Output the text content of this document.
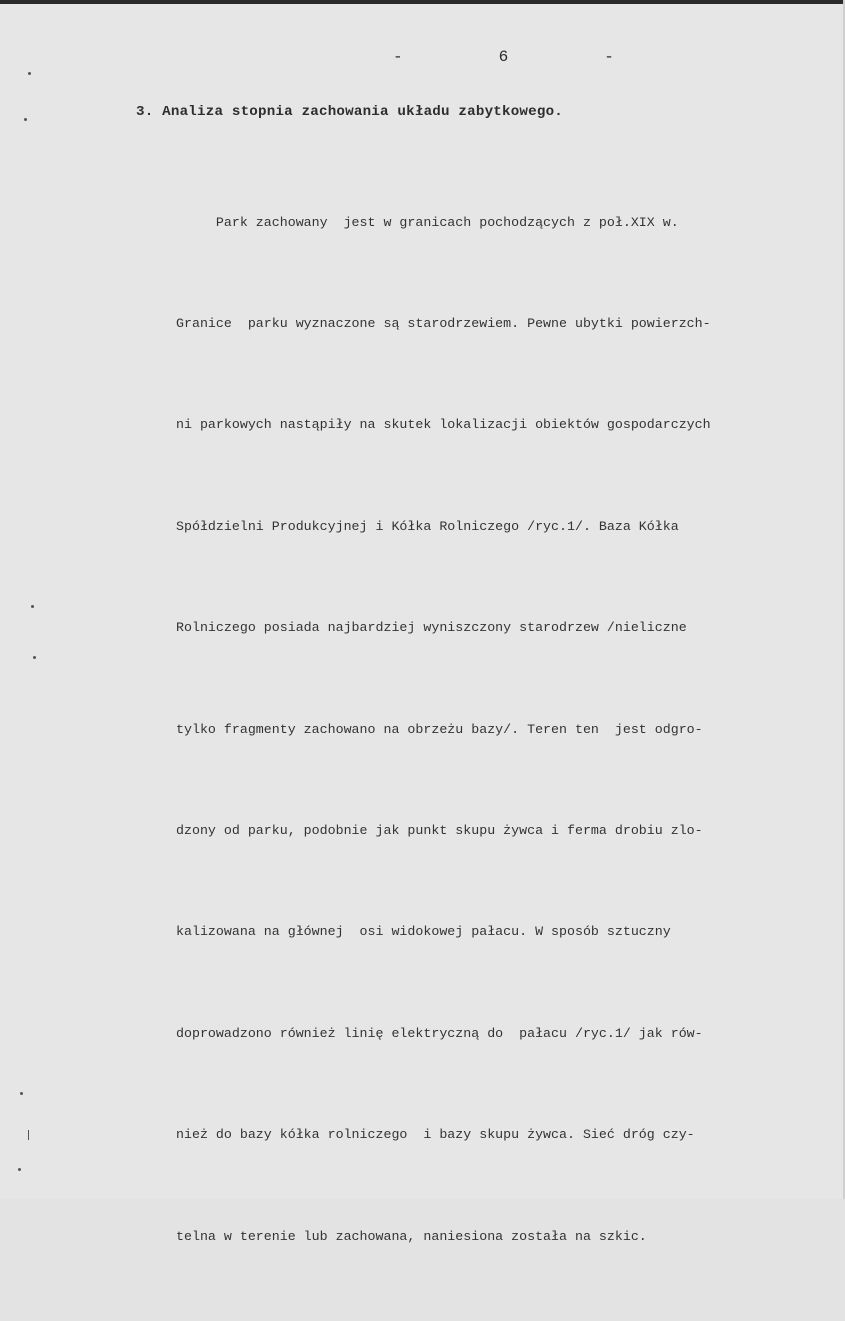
-	6	-
3. Analiza stopnia zachowania układu zabytkowego.

Park zachowany  jest w granicach pochodzących z poł.XIX w.

Granice  parku wyznaczone są starodrzewiem. Pewne ubytki powierzch-

ni parkowych nastąpiły na skutek lokalizacji obiektów gospodarczych

Spółdzielni Produkcyjnej i Kółka Rolniczego /ryc.1/. Baza Kółka

Rolniczego posiada najbardziej wyniszczony starodrzew /nieliczne

tylko fragmenty zachowano na obrzeżu bazy/. Teren ten  jest odgro-

dzony od parku, podobnie jak punkt skupu żywca i ferma drobiu zlo-

kalizowana na głównej  osi widokowej pałacu. W sposób sztuczny

doprowadzono również linię elektryczną do  pałacu /ryc.1/ jak rów-

nież do bazy kółka rolniczego  i bazy skupu żywca. Sieć dróg czy-

telna w terenie lub zachowana, naniesiona została na szkic.
